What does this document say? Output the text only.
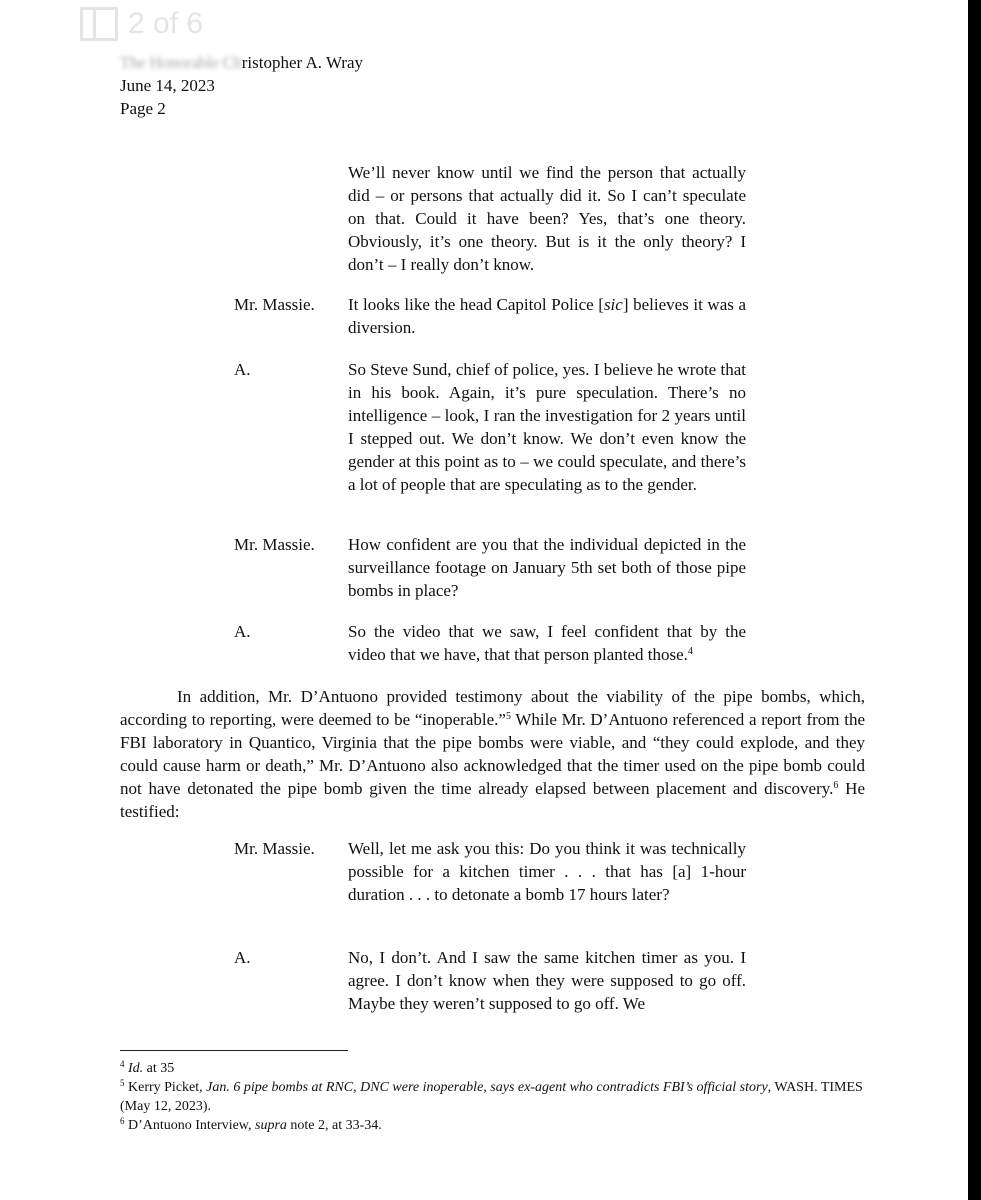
2 of 6
The Honorable Ch ristopher A. Wray
June 14, 2023
Page 2
We’ll never know until we find the person that actually did – or persons that actually did it. So I can’t speculate on that. Could it have been? Yes, that’s one theory. Obviously, it’s one theory. But is it the only theory? I don’t – I really don’t know.
Mr. Massie. It looks like the head Capitol Police [sic] believes it was a diversion.
A.	So Steve Sund, chief of police, yes. I believe he wrote that in his book. Again, it’s pure speculation. There’s no intelligence – look, I ran the investigation for 2 years until I stepped out. We don’t know. We don’t even know the gender at this point as to – we could speculate, and there’s a lot of people that are speculating as to the gender.
Mr. Massie. How confident are you that the individual depicted in the surveillance footage on January 5th set both of those pipe bombs in place?
A.	So the video that we saw, I feel confident that by the video that we have, that that person planted those.$^4$
In addition, Mr. D’Antuono provided testimony about the viability of the pipe bombs, which, according to reporting, were deemed to be “inoperable.”$^5$ While Mr. D’Antuono referenced a report from the FBI laboratory in Quantico, Virginia that the pipe bombs were viable, and “they could explode, and they could cause harm or death,” Mr. D’Antuono also acknowledged that the timer used on the pipe bomb could not have detonated the pipe bomb given the time already elapsed between placement and discovery.$^6$ He testified:
Mr. Massie. Well, let me ask you this: Do you think it was technically possible for a kitchen timer . . . that has [a] 1-hour duration . . . to detonate a bomb 17 hours later?
A.	No, I don’t. And I saw the same kitchen timer as you. I agree. I don’t know when they were supposed to go off. Maybe they weren’t supposed to go off. We
$^4$ Id. at 35
$^5$ Kerry Picket, Jan. 6 pipe bombs at RNC, DNC were inoperable, says ex-agent who contradicts FBI’s official story, WASH. TIMES (May 12, 2023).
$^6$ D’Antuono Interview, supra note 2, at 33-34.
